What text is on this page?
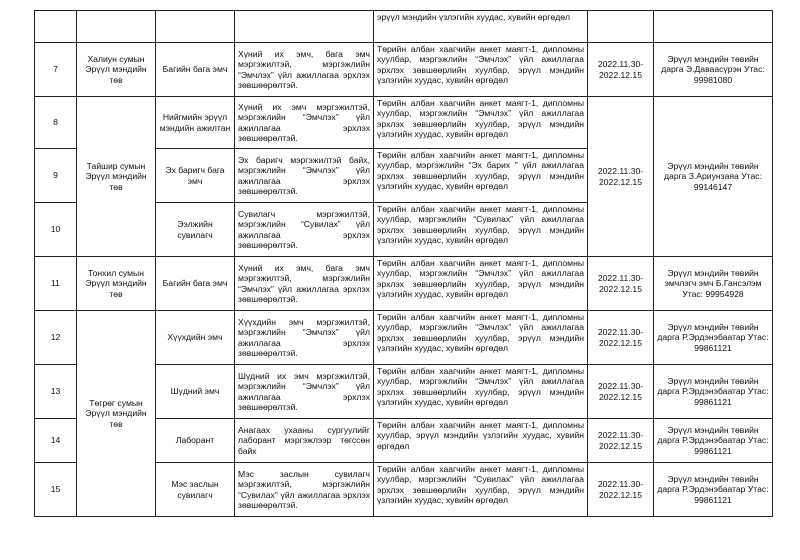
				эрүүл мэндийн үзлэгийн хуудас, хувийн өргөдөл		
7	Халиун сумын Эрүүл мэндийн төв	Багийн бага эмч	Хүний их эмч, бага эмч мэргэжилтэй, мэргэжлийн “Эмчлэх” үйл ажиллагаа эрхлэх зөвшөөрөлтэй.	Төрийн албан хаагчийн анкет маягт-1, дипломны хуулбар, мэргэжлийн “Эмчлэх” үйл ажиллагаа эрхлэх зөвшөөрлийн хуулбар, эрүүл мэндийн үзлэгийн хуудас, хувийн өргөдөл	2022.11.30-2022.12.15	Эрүүл мэндийн төвийн дарга Э.Даваасүрэн Утас: 99981080
8	Тайшир сумын Эрүүл мэндийн төв	Нийгмийн эрүүл мэндийн ажилтан	Хүний их эмч мэргэжилтэй, мэргэжлийн “Эмчлэх” үйл ажиллагаа эрхлэх зөвшөөрөлтэй.	Төрийн албан хаагчийн анкет маягт-1, дипломны хуулбар, мэргэжлийн “Эмчлэх” үйл ажиллагаа эрхлэх зөвшөөрлийн хуулбар, эрүүл мэндийн үзлэгийн хуудас, хувийн өргөдөл	2022.11.30-2022.12.15	Эрүүл мэндийн төвийн дарга З.Ариунзаяа Утас: 99146147
9		Эх баригч бага эмч	Эх баригч мэргэжилтэй байх, мэргэжлийн “Эмчлэх” үйл ажиллагаа эрхлэх зөвшөөрөлтэй.	Төрийн албан хаагчийн анкет маягт-1, дипломны хуулбар, мэргэжлийн “Эх барих ” үйл ажиллагаа эрхлэх зөвшөөрлийн хуулбар, эрүүл мэндийн үзлэгийн хуудас, хувийн өргөдөл		
10		Ээлжийн сувилагч	Сувилагч мэргэжилтэй, мэргэжлийн “Сувилах” үйл ажиллагаа эрхлэх зөвшөөрөлтэй.	Төрийн албан хаагчийн анкет маягт-1, дипломны хуулбар, мэргэжлийн “Сувилах” үйл ажиллагаа эрхлэх зөвшөөрлийн хуулбар, эрүүл мэндийн үзлэгийн хуудас, хувийн өргөдөл		
11	Тонхил сумын Эрүүл мэндийн төв	Багийн бага эмч	Хүний их эмч, бага эмч мэргэжилтэй, мэргэжлийн “Эмчлэх” үйл ажиллагаа эрхлэх зөвшөөрөлтэй.	Төрийн албан хаагчийн анкет маягт-1, дипломны хуулбар, мэргэжлийн “Эмчлэх” үйл ажиллагаа эрхлэх зөвшөөрлийн хуулбар, эрүүл мэндийн үзлэгийн хуудас, хувийн өргөдөл	2022.11.30-2022.12.15	Эрүүл мэндийн төвийн эмчлэгч эмч Б.Гансэлэм Утас: 99954928
12	Төгрөг сумын Эрүүл мэндийн төв	Хүүхдийн эмч	Хүүхдийн эмч мэргэжилтэй, мэргэжлийн “Эмчлэх” үйл ажиллагаа эрхлэх зөвшөөрөлтэй.	Төрийн албан хаагчийн анкет маягт-1, дипломны хуулбар, мэргэжлийн “Эмчлэх” үйл ажиллагаа эрхлэх зөвшөөрлийн хуулбар, эрүүл мэндийн үзлэгийн хуудас, хувийн өргөдөл	2022.11.30-2022.12.15	Эрүүл мэндийн төвийн дарга Р.Эрдэнэбаатар Утас: 99861121
13		Шүдний эмч	Шүдний их эмч мэргэжилтэй, мэргэжлийн “Эмчлэх” үйл ажиллагаа эрхлэх зөвшөөрөлтэй.	Төрийн албан хаагчийн анкет маягт-1, дипломны хуулбар, мэргэжлийн “Эмчлэх” үйл ажиллагаа эрхлэх зөвшөөрлийн хуулбар, эрүүл мэндийн үзлэгийн хуудас, хувийн өргөдөл	2022.11.30-2022.12.15	Эрүүл мэндийн төвийн дарга Р.Эрдэнэбаатар Утас: 99861121
14		Лаборант	Анагаах ухааны сургуулийг лаборант мэргэжлээр төгссөн байх	Төрийн албан хаагчийн анкет маягт-1, дипломны хуулбар, эрүүл мэндийн үзлэгийн хуудас, хувийн өргөдөл	2022.11.30-2022.12.15	Эрүүл мэндийн төвийн дарга Р.Эрдэнэбаатар Утас: 99861121
15		Мэс заслын сувилагч	Мэс заслын сувилагч мэргэжилтэй, мэргэжлийн “Сувилах” үйл ажиллагаа эрхлэх зөвшөөрөлтэй.	Төрийн албан хаагчийн анкет маягт-1, дипломны хуулбар, мэргэжлийн “Сувилах” үйл ажиллагаа эрхлэх зөвшөөрлийн хуулбар, эрүүл мэндийн үзлэгийн хуудас, хувийн өргөдөл	2022.11.30-2022.12.15	Эрүүл мэндийн төвийн дарга Р.Эрдэнэбаатар Утас: 99861121
